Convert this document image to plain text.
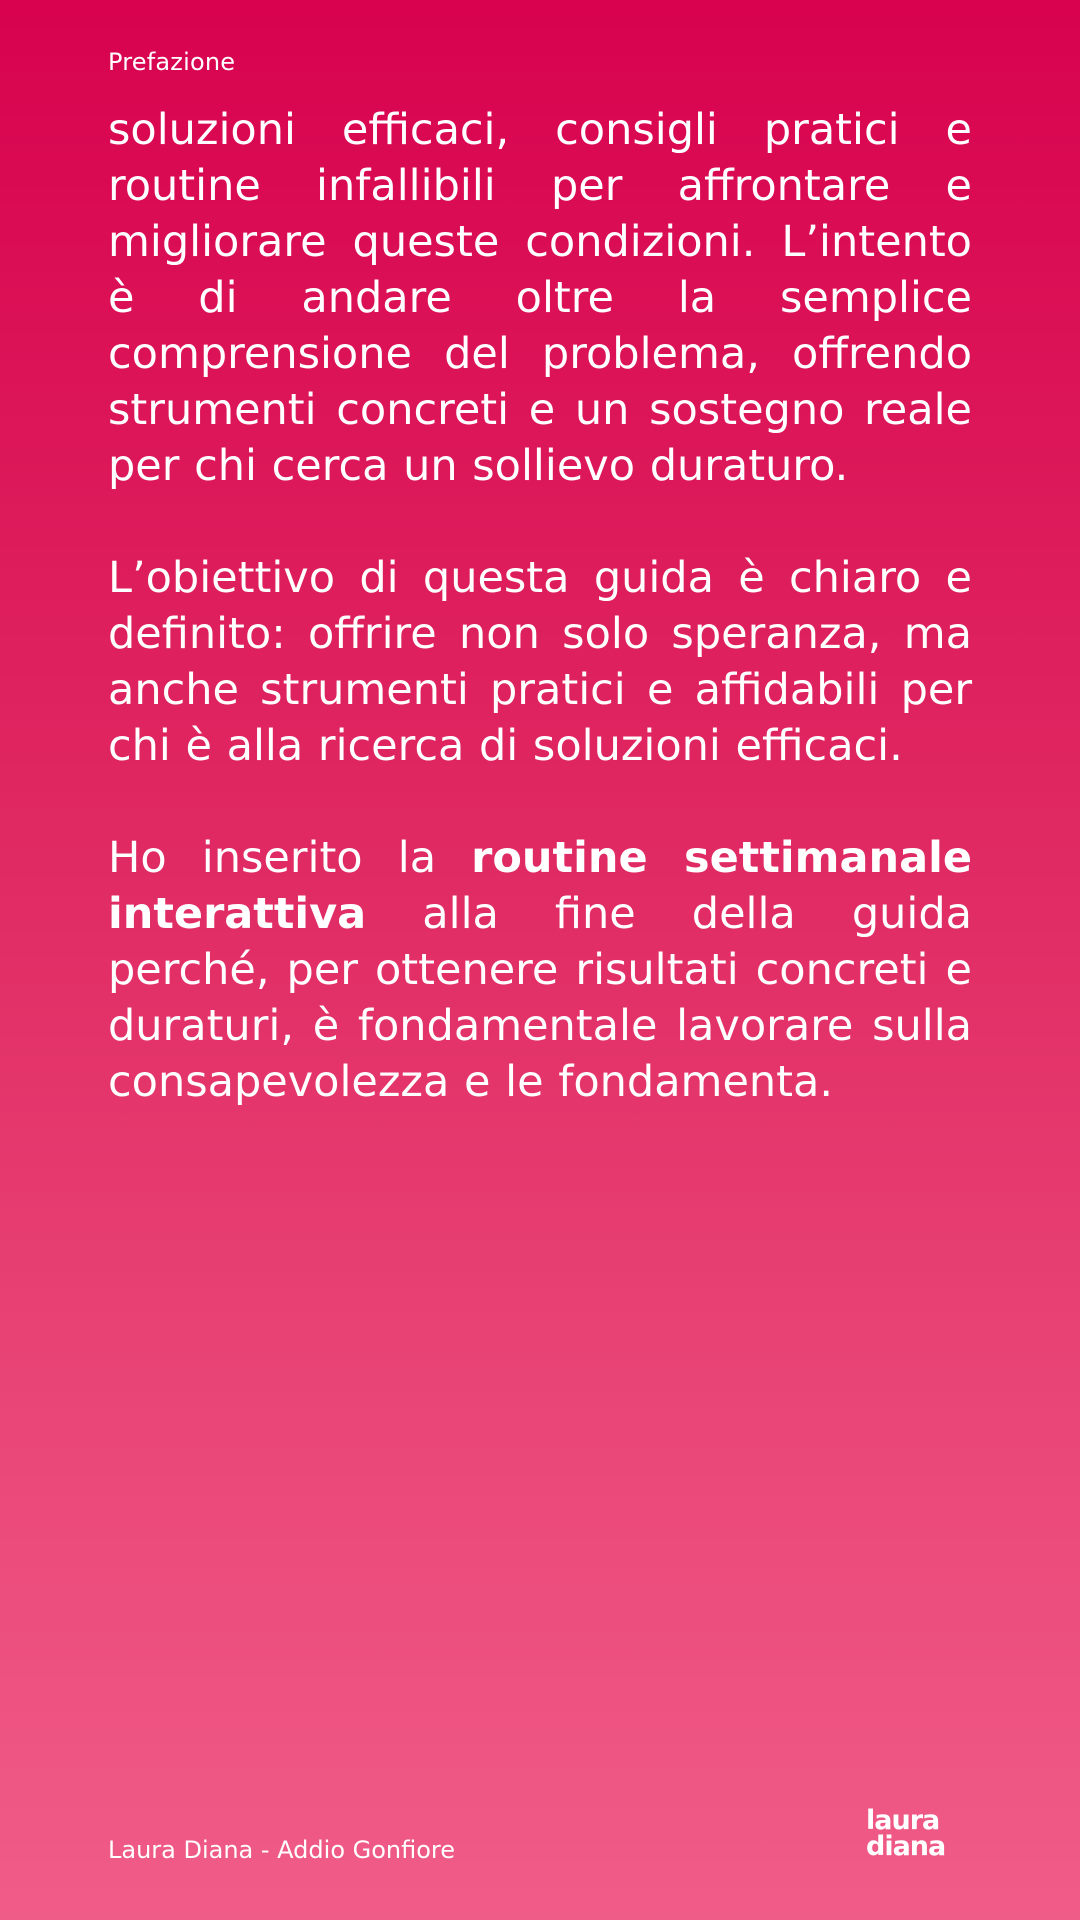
Prefazione

soluzioni efficaci, consigli pratici e routine infallibili per affrontare e migliorare queste condizioni. L’intento è di andare oltre la semplice comprensione del problema, offrendo strumenti concreti e un sostegno reale per chi cerca un sollievo duraturo.

L’obiettivo di questa guida è chiaro e definito: offrire non solo speranza, ma anche strumenti pratici e affidabili per chi è alla ricerca di soluzioni efficaci.

Ho inserito la routine settimanale interattiva alla fine della guida perché, per ottenere risultati concreti e duraturi, è fondamentale lavorare sulla consapevolezza e le fondamenta.

Laura Diana - Addio Gonfiore
laura
diana
